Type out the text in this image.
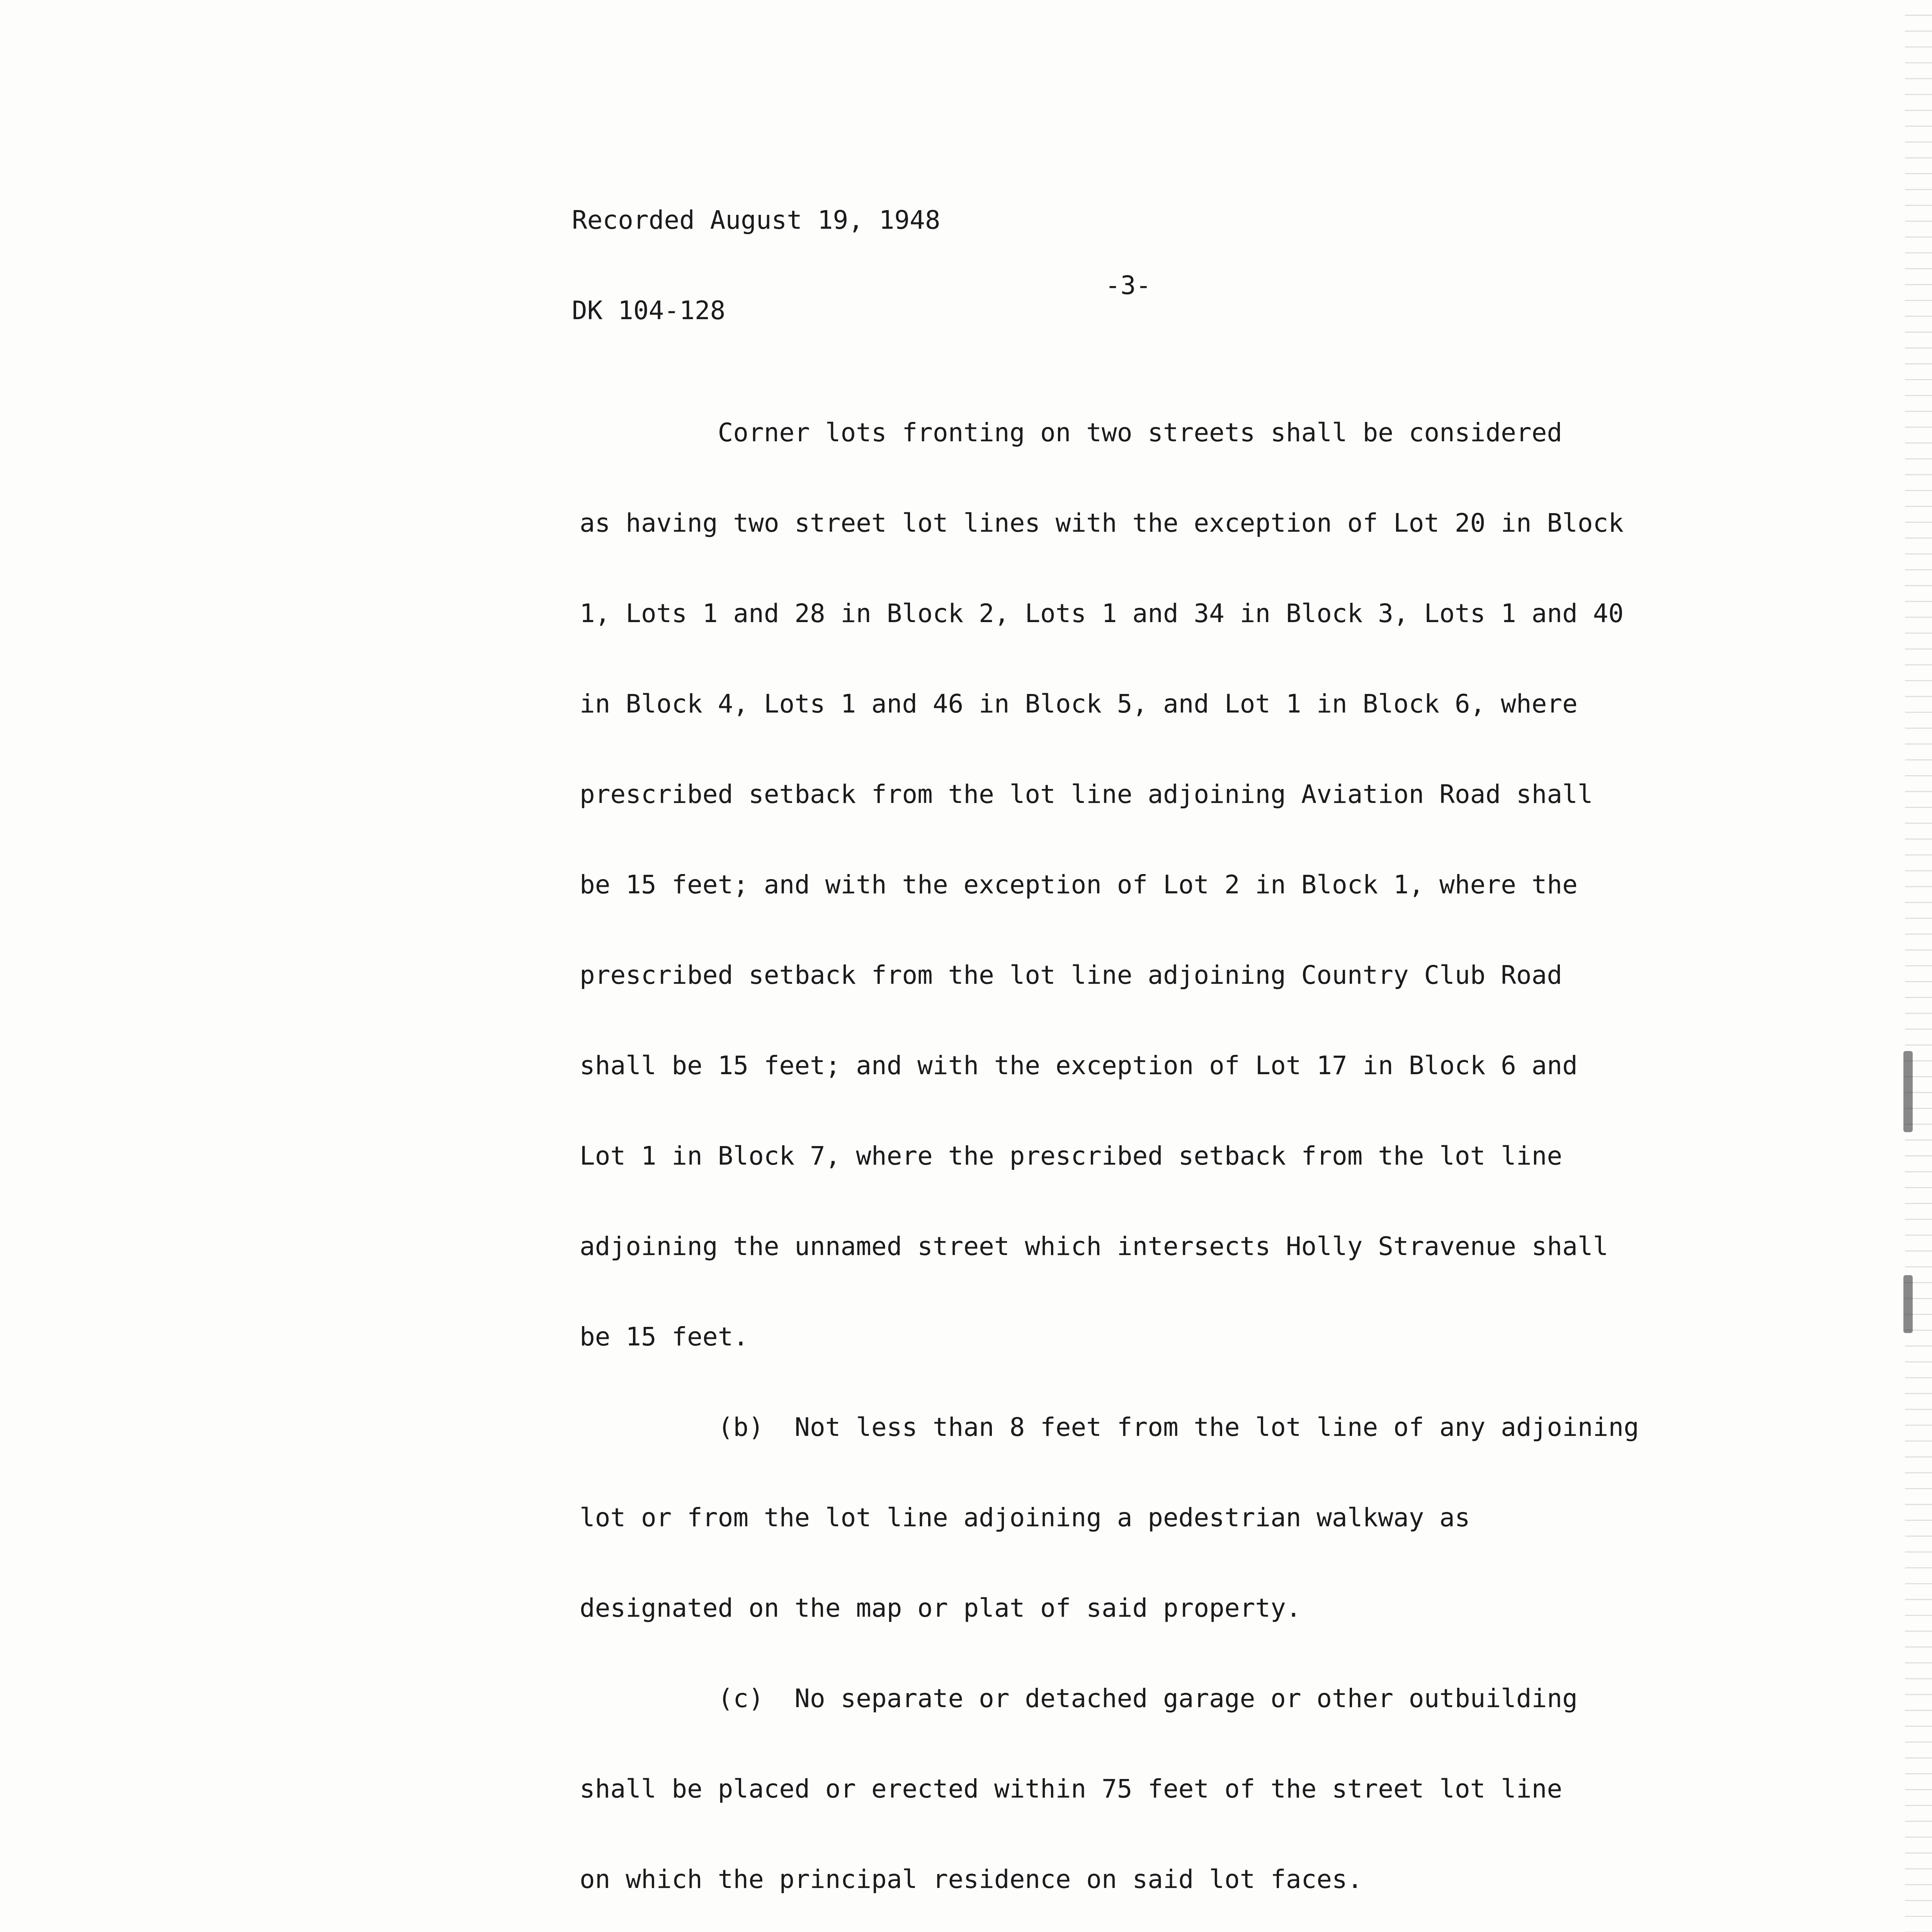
Recorded August 19, 1948

DK 104-128

-3-

Corner lots fronting on two streets shall be considered

as having two street lot lines with the exception of Lot 20 in Block

1, Lots 1 and 28 in Block 2, Lots 1 and 34 in Block 3, Lots 1 and 40

in Block 4, Lots 1 and 46 in Block 5, and Lot 1 in Block 6, where

prescribed setback from the lot line adjoining Aviation Road shall

be 15 feet; and with the exception of Lot 2 in Block 1, where the

prescribed setback from the lot line adjoining Country Club Road

shall be 15 feet; and with the exception of Lot 17 in Block 6 and

Lot 1 in Block 7, where the prescribed setback from the lot line

adjoining the unnamed street which intersects Holly Stravenue shall

be 15 feet.

(b)  Not less than 8 feet from the lot line of any adjoining

lot or from the lot line adjoining a pedestrian walkway as

designated on the map or plat of said property.

(c)  No separate or detached garage or other outbuilding

shall be placed or erected within 75 feet of the street lot line

on which the principal residence on said lot faces.
